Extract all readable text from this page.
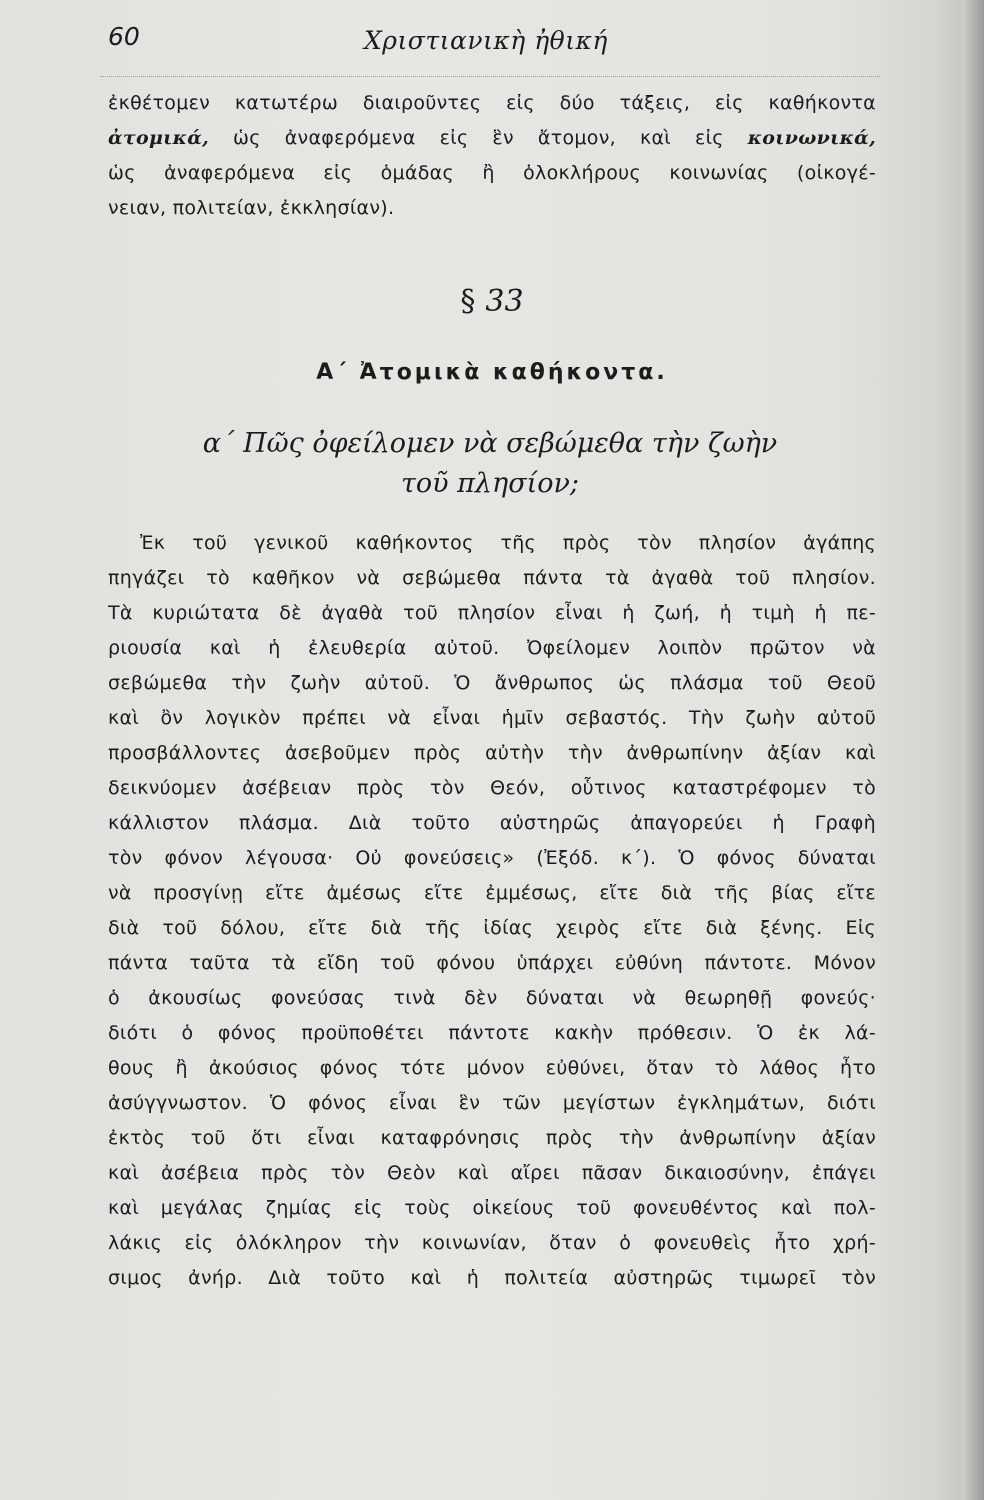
60	Χριστιανικὴ ἠθική
ἐκθέτομεν κατωτέρω διαιροῦντες εἰς δύο τάξεις, εἰς καθήκοντα
ἀτομικά, ὡς ἀναφερόμενα εἰς ἓν ἄτομον, καὶ εἰς κοινωνικά,
ὡς ἀναφερόμενα εἰς ὁμάδας ἢ ὁλοκλήρους κοινωνίας (οἰκογέ-
νειαν, πολιτείαν, ἐκκλησίαν).
§ 33
Α΄ Ἀτομικὰ καθήκοντα.
α΄ Πῶς ὀφείλομεν νὰ σεβώμεθα τὴν ζωὴν
τοῦ πλησίον;
Ἐκ τοῦ γενικοῦ καθήκοντος τῆς πρὸς τὸν πλησίον ἀγάπης
πηγάζει τὸ καθῆκον νὰ σεβώμεθα πάντα τὰ ἀγαθὰ τοῦ πλησίον.
Τὰ κυριώτατα δὲ ἀγαθὰ τοῦ πλησίον εἶναι ἡ ζωή, ἡ τιμὴ ἡ πε-
ριουσία καὶ ἡ ἐλευθερία αὐτοῦ. Ὀφείλομεν λοιπὸν πρῶτον νὰ
σεβώμεθα τὴν ζωὴν αὐτοῦ. Ὁ ἄνθρωπος ὡς πλάσμα τοῦ Θεοῦ
καὶ ὂν λογικὸν πρέπει νὰ εἶναι ἡμῖν σεβαστός. Τὴν ζωὴν αὐτοῦ
προσβάλλοντες ἀσεβοῦμεν πρὸς αὐτὴν τὴν ἀνθρωπίνην ἀξίαν καὶ
δεικνύομεν ἀσέβειαν πρὸς τὸν Θεόν, οὗτινος καταστρέφομεν τὸ
κάλλιστον πλάσμα. Διὰ τοῦτο αὐστηρῶς ἀπαγορεύει ἡ Γραφὴ
τὸν φόνον λέγουσα· Οὐ φονεύσεις» (Ἐξόδ. κ΄). Ὁ φόνος δύναται
νὰ προσγίνῃ εἴτε ἀμέσως εἴτε ἐμμέσως, εἴτε διὰ τῆς βίας εἴτε
διὰ τοῦ δόλου, εἴτε διὰ τῆς ἰδίας χειρὸς εἴτε διὰ ξένης. Εἰς
πάντα ταῦτα τὰ εἴδη τοῦ φόνου ὑπάρχει εὐθύνη πάντοτε. Μόνον
ὁ ἀκουσίως φονεύσας τινὰ δὲν δύναται νὰ θεωρηθῇ φονεύς·
διότι ὁ φόνος προϋποθέτει πάντοτε κακὴν πρόθεσιν. Ὁ ἐκ λά-
θους ἢ ἀκούσιος φόνος τότε μόνον εὐθύνει, ὅταν τὸ λάθος ἦτο
ἀσύγγνωστον. Ὁ φόνος εἶναι ἓν τῶν μεγίστων ἐγκλημάτων, διότι
ἐκτὸς τοῦ ὅτι εἶναι καταφρόνησις πρὸς τὴν ἀνθρωπίνην ἀξίαν
καὶ ἀσέβεια πρὸς τὸν Θεὸν καὶ αἴρει πᾶσαν δικαιοσύνην, ἐπάγει
καὶ μεγάλας ζημίας εἰς τοὺς οἰκείους τοῦ φονευθέντος καὶ πολ-
λάκις εἰς ὁλόκληρον τὴν κοινωνίαν, ὅταν ὁ φονευθεὶς ἦτο χρή-
σιμος ἀνήρ. Διὰ τοῦτο καὶ ἡ πολιτεία αὐστηρῶς τιμωρεῖ τὸν
